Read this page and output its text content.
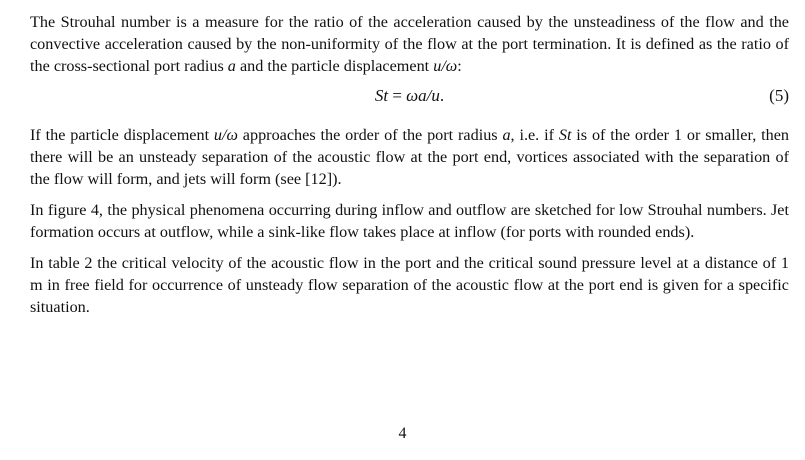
The Strouhal number is a measure for the ratio of the acceleration caused by the unsteadiness of the flow and the convective acceleration caused by the non-uniformity of the flow at the port termination. It is defined as the ratio of the cross-sectional port radius a and the particle displacement u/ω:

St = ωa/u.	(5)

If the particle displacement u/ω approaches the order of the port radius a, i.e. if St is of the order 1 or smaller, then there will be an unsteady separation of the acoustic flow at the port end, vortices associated with the separation of the flow will form, and jets will form (see [12]).

In figure 4, the physical phenomena occurring during inflow and outflow are sketched for low Strouhal numbers. Jet formation occurs at outflow, while a sink-like flow takes place at inflow (for ports with rounded ends).

In table 2 the critical velocity of the acoustic flow in the port and the critical sound pressure level at a distance of 1 m in free field for occurrence of unsteady flow separation of the acoustic flow at the port end is given for a specific situation.

4
